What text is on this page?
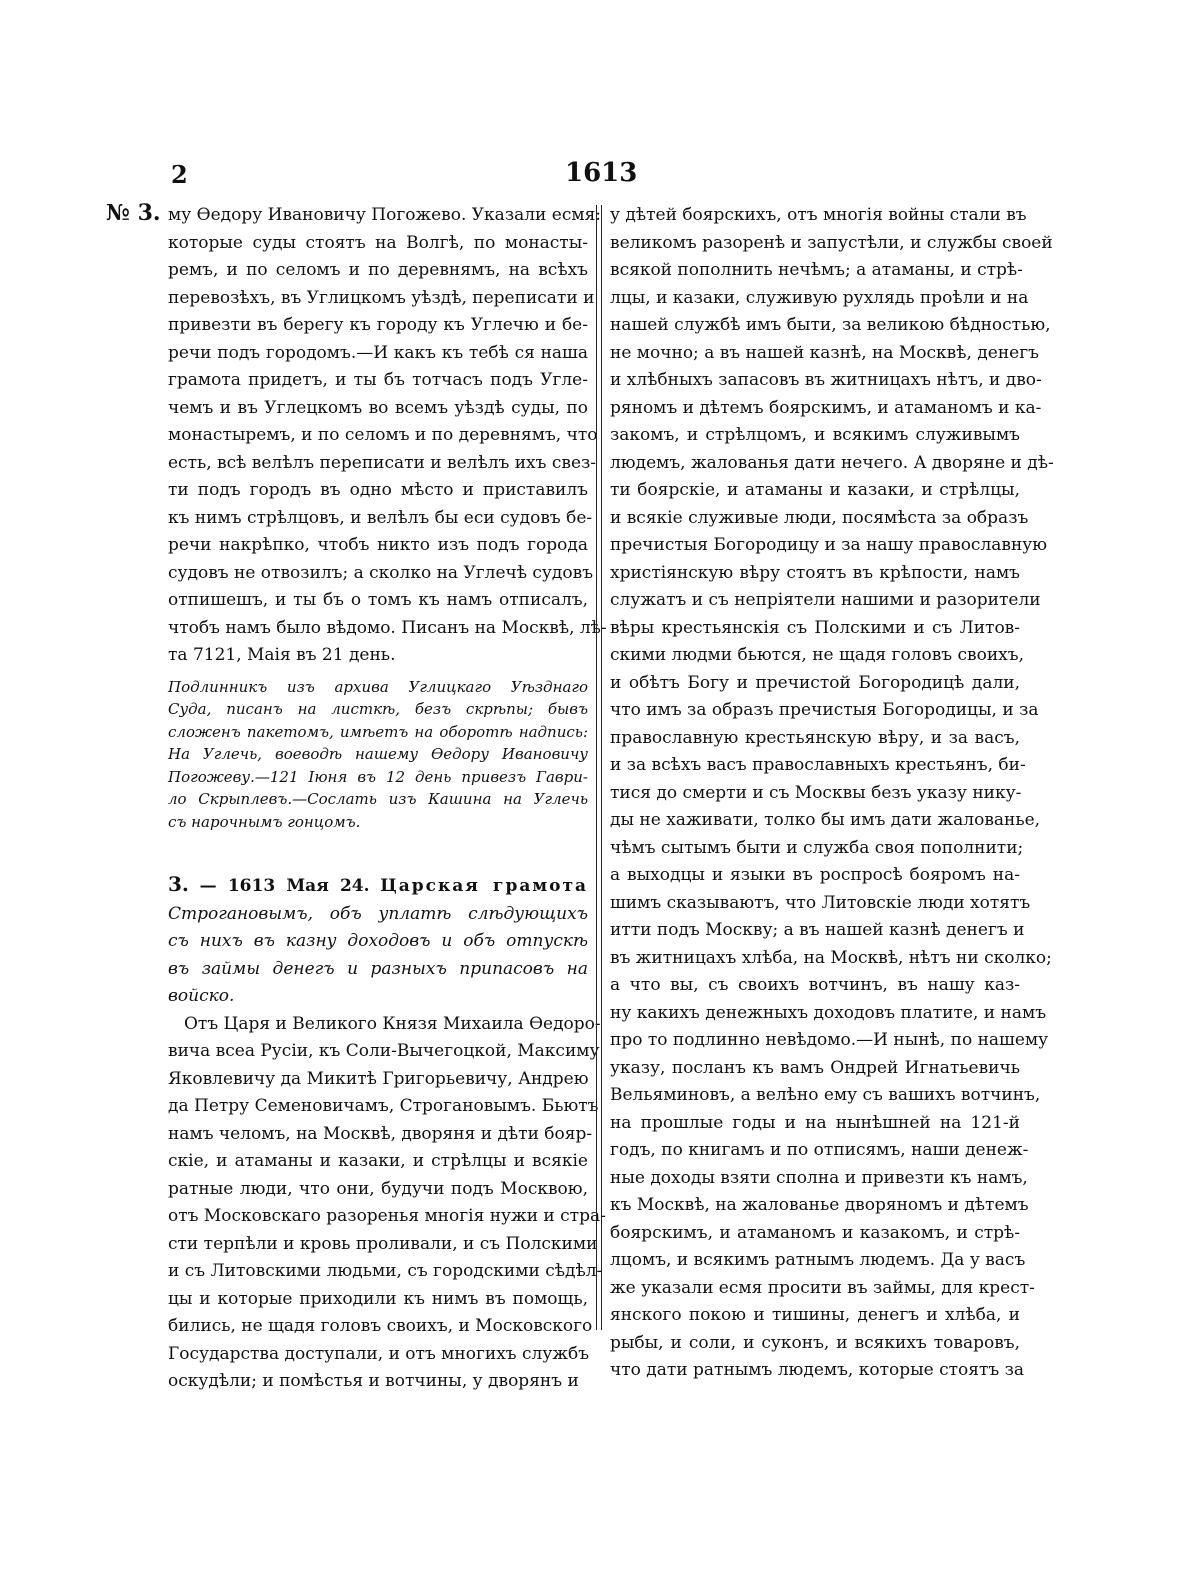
2	1613
№ 3. му Ѳедору Ивановичу Погожево. Указали есмя:
которые суды стоятъ на Волгѣ, по монасты-
ремъ, и по селомъ и по деревнямъ, на всѣхъ
перевозѣхъ, въ Углицкомъ уѣздѣ, переписати и
привезти въ берегу къ городу къ Углечю и бе-
речи подъ городомъ.—И какъ къ тебѣ ся наша
грамота придетъ, и ты бъ тотчасъ подъ Угле-
чемъ и въ Углецкомъ во всемъ уѣздѣ суды, по
монастыремъ, и по селомъ и по деревнямъ, что
есть, всѣ велѣлъ переписати и велѣлъ ихъ свез-
ти подъ городъ въ одно мѣсто и приставилъ
къ нимъ стрѣлцовъ, и велѣлъ бы еси судовъ бе-
речи накрѣпко, чтобъ никто изъ подъ города
судовъ не отвозилъ; а сколко на Углечѣ судовъ
отпишешъ, и ты бъ о томъ къ намъ отписалъ,
чтобъ намъ было вѣдомо. Писанъ на Москвѣ, лѣ-
та 7121, Маія въ 21 день.
Подлинникъ изъ архива Углицкаго Уѣзднаго
Суда, писанъ на листкѣ, безъ скрѣпы; бывъ
сложенъ пакетомъ, имѣетъ на оборотѣ надпись:
На Углечь, воеводѣ нашему Ѳедору Ивановичу
Погожеву.—121 Іюня въ 12 день привезъ Гаври-
ло Скрыплевъ.—Сослать изъ Кашина на Углечь
съ нарочнымъ гонцомъ.
3. — 1613 Мая 24. Царская грамота
Строгановымъ, объ уплатѣ слѣдующихъ
съ нихъ въ казну доходовъ и объ отпускѣ
въ займы денегъ и разныхъ припасовъ на
войско.
Отъ Царя и Великого Князя Михаила Ѳедоро-
вича всеа Русіи, къ Соли-Вычегоцкой, Максиму
Яковлевичу да Микитѣ Григорьевичу, Андрею
да Петру Семеновичамъ, Строгановымъ. Бьютъ
намъ челомъ, на Москвѣ, дворяня и дѣти бояр-
скіе, и атаманы и казаки, и стрѣлцы и всякіе
ратные люди, что они, будучи подъ Москвою,
отъ Московскаго разоренья многія нужи и стра-
сти терпѣли и кровь проливали, и съ Полскими
и съ Литовскими людьми, съ городскими сѣдѣл-
цы и которые приходили къ нимъ въ помощь,
бились, не щадя головъ своихъ, и Московского
Государства доступали, и отъ многихъ службъ
оскудѣли; и помѣстья и вотчины, у дворянъ и
у дѣтей боярскихъ, отъ многія войны стали въ
великомъ разоренѣ и запустѣли, и службы своей
всякой пополнить нечѣмъ; а атаманы, и стрѣ-
лцы, и казаки, служивую рухлядь проѣли и на
нашей службѣ имъ быти, за великою бѣдностью,
не мочно; а въ нашей казнѣ, на Москвѣ, денегъ
и хлѣбныхъ запасовъ въ житницахъ нѣтъ, и дво-
ряномъ и дѣтемъ боярскимъ, и атаманомъ и ка-
закомъ, и стрѣлцомъ, и всякимъ служивымъ
людемъ, жалованья дати нечего. А дворяне и дѣ-
ти боярскіе, и атаманы и казаки, и стрѣлцы,
и всякіе служивые люди, посямѣста за образъ
пречистыя Богородицу и за нашу православную
христіянскую вѣру стоятъ въ крѣпости, намъ
служатъ и съ непріятели нашими и разорители
вѣры крестьянскія съ Полскими и съ Литов-
скими людми бьются, не щадя головъ своихъ,
и обѣтъ Богу и пречистой Богородицѣ дали,
что имъ за образъ пречистыя Богородицы, и за
православную крестьянскую вѣру, и за васъ,
и за всѣхъ васъ православныхъ крестьянъ, би-
тися до смерти и съ Москвы безъ указу нику-
ды не хаживати, толко бы имъ дати жалованье,
чѣмъ сытымъ быти и служба своя пополнити;
а выходцы и языки въ роспросѣ бояромъ на-
шимъ сказываютъ, что Литовскіе люди хотятъ
итти подъ Москву; а въ нашей казнѣ денегъ и
въ житницахъ хлѣба, на Москвѣ, нѣтъ ни сколко;
а что вы, съ своихъ вотчинъ, въ нашу каз-
ну какихъ денежныхъ доходовъ платите, и намъ
про то подлинно невѣдомо.—И нынѣ, по нашему
указу, посланъ къ вамъ Ондрей Игнатьевичь
Вельяминовъ, а велѣно ему съ вашихъ вотчинъ,
на прошлые годы и на нынѣшней на 121-й
годъ, по книгамъ и по отписямъ, наши денеж-
ные доходы взяти сполна и привезти къ намъ,
къ Москвѣ, на жалованье дворяномъ и дѣтемъ
боярскимъ, и атаманомъ и казакомъ, и стрѣ-
лцомъ, и всякимъ ратнымъ людемъ. Да у васъ
же указали есмя просити въ займы, для крест-
янского покою и тишины, денегъ и хлѣба, и
рыбы, и соли, и суконъ, и всякихъ товаровъ,
что дати ратнымъ людемъ, которые стоятъ за
